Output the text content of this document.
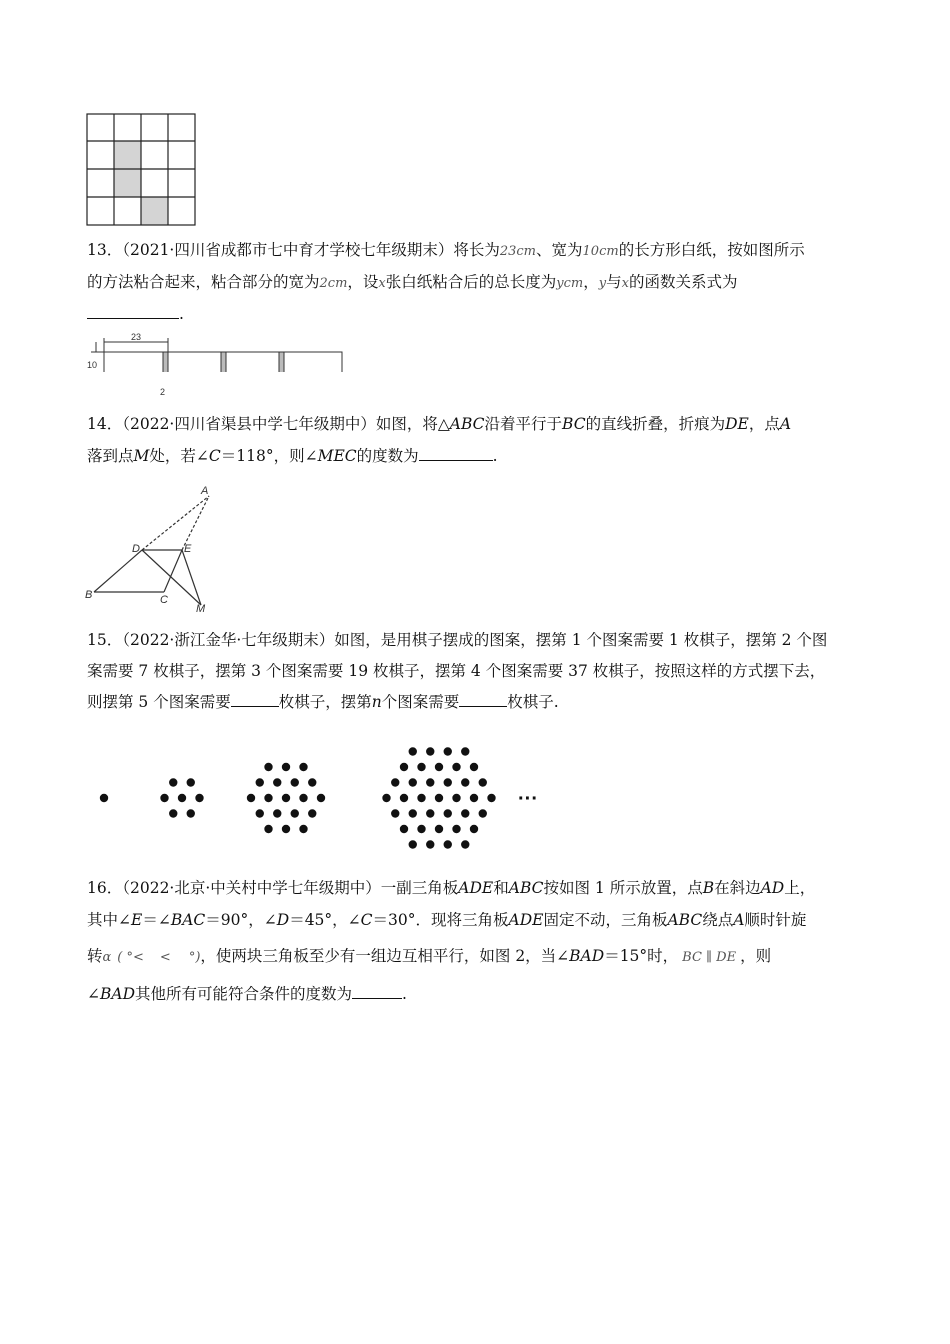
13．（2021·四川省成都市七中育才学校七年级期末）将长为23cm、宽为10cm的长方形白纸，按如图所示
的方法粘合起来，粘合部分的宽为2cm，设x张白纸粘合后的总长度为ycm，y与x的函数关系式为
.
23
10
2
14．（2022·四川省渠县中学七年级期中）如图，将△ABC沿着平行于BC的直线折叠，折痕为DE，点A
落到点M处，若∠C＝118°，则∠MEC的度数为	.
A
B	C
D	E
M
15．（2022·浙江金华·七年级期末）如图，是用棋子摆成的图案，摆第 1 个图案需要 1 枚棋子，摆第 2 个图
案需要 7 枚棋子，摆第 3 个图案需要 19 枚棋子，摆第 4 个图案需要 37 枚棋子，按照这样的方式摆下去，
则摆第 5 个图案需要	枚棋子，摆第n个图案需要	枚棋子.
···
16．（2022·北京·中关村中学七年级期中）一副三角板ADE和ABC按如图 1 所示放置，点B在斜边AD上，
其中∠E＝∠BAC＝90°，∠D＝45°，∠C＝30°．现将三角板ADE固定不动，三角板ABC绕点A顺时针旋
转α ( °< < °)，使两块三角板至少有一组边互相平行，如图 2，当∠BAD＝15°时， BC ∥ DE ，则
∠BAD其他所有可能符合条件的度数为	.
